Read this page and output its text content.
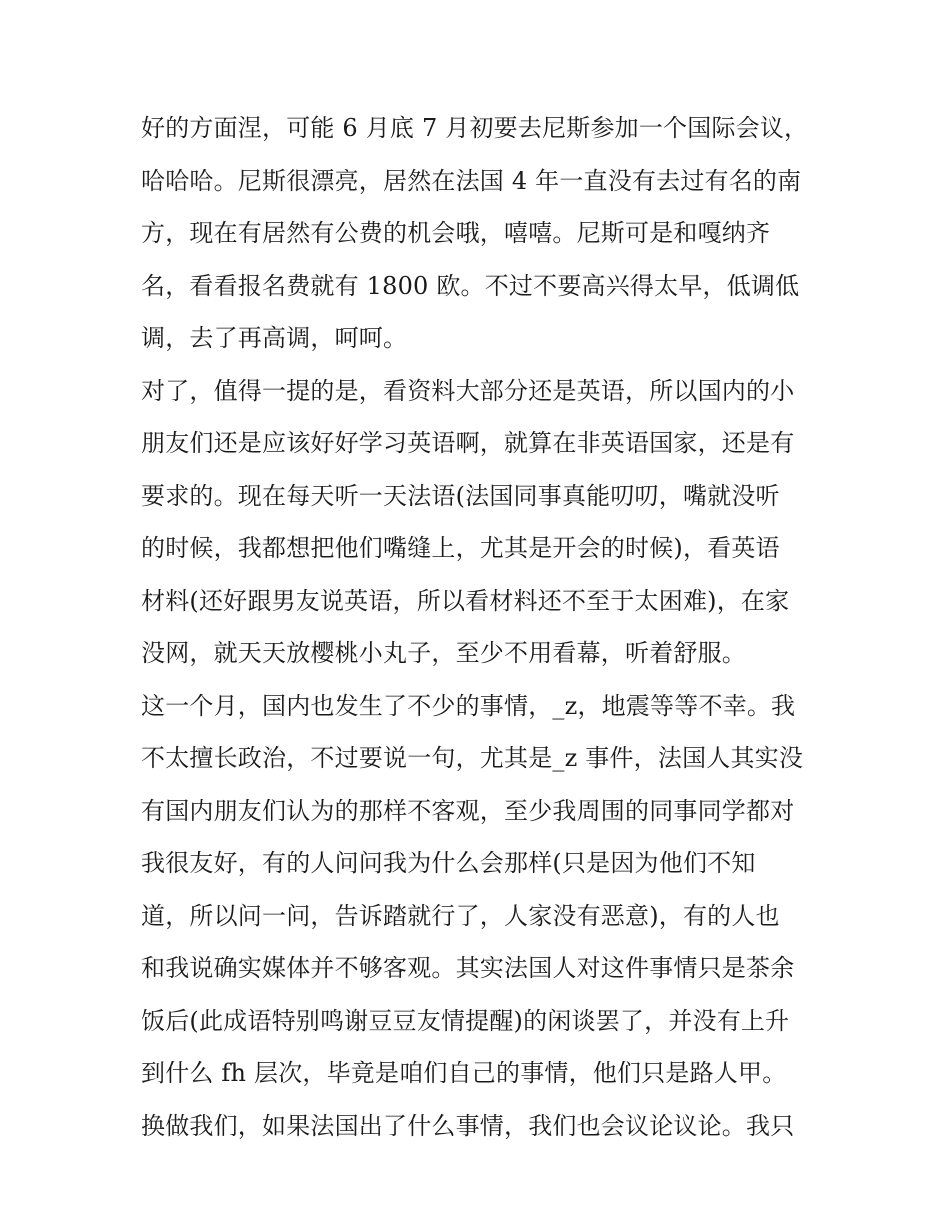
好的方面涅，可能 6 月底 7 月初要去尼斯参加一个国际会议，
哈哈哈。尼斯很漂亮，居然在法国 4 年一直没有去过有名的南
方，现在有居然有公费的机会哦，嘻嘻。尼斯可是和嘎纳齐
名，看看报名费就有 1800 欧。不过不要高兴得太早，低调低
调，去了再高调，呵呵。
对了，值得一提的是，看资料大部分还是英语，所以国内的小
朋友们还是应该好好学习英语啊，就算在非英语国家，还是有
要求的。现在每天听一天法语(法国同事真能叨叨，嘴就没听
的时候，我都想把他们嘴缝上，尤其是开会的时候)，看英语
材料(还好跟男友说英语，所以看材料还不至于太困难)，在家
没网，就天天放樱桃小丸子，至少不用看幕，听着舒服。
这一个月，国内也发生了不少的事情，_z，地震等等不幸。我
不太擅长政治，不过要说一句，尤其是_z 事件，法国人其实没
有国内朋友们认为的那样不客观，至少我周围的同事同学都对
我很友好，有的人问问我为什么会那样(只是因为他们不知
道，所以问一问，告诉踏就行了，人家没有恶意)，有的人也
和我说确实媒体并不够客观。其实法国人对这件事情只是茶余
饭后(此成语特别鸣谢豆豆友情提醒)的闲谈罢了，并没有上升
到什么 fh 层次，毕竟是咱们自己的事情，他们只是路人甲。
换做我们，如果法国出了什么事情，我们也会议论议论。我只
